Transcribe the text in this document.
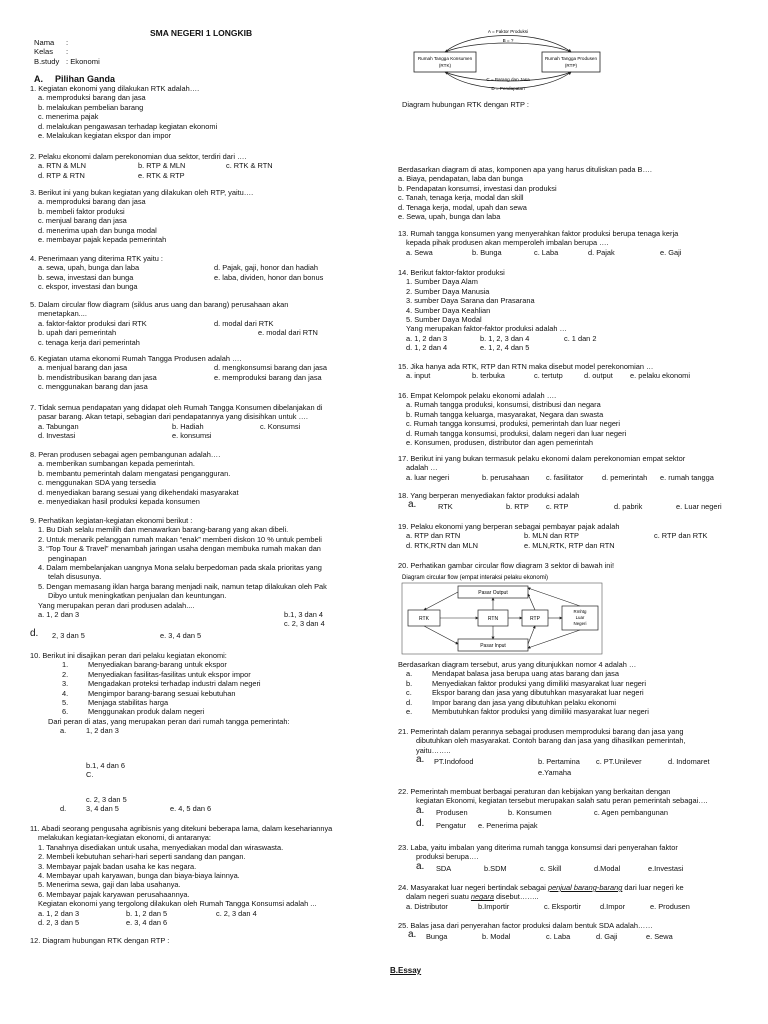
SMA NEGERI 1 LONGKIB
Nama :
Kelas :
B.study : Ekonomi
A. Pilihan Ganda
1. Kegiatan ekonomi yang dilakukan RTK adalah….
a. memproduksi barang dan jasa
b. melakukan pembelian barang
c. menerima pajak
d. melakukan pengawasan terhadap kegiatan ekonomi
e. Melakukan kegiatan ekspor dan impor
2. Pelaku ekonomi dalam perekonomian dua sektor, terdiri dari ….
a. RTN & MLN	b. RTP & MLN	c. RTK & RTN
d. RTP & RTN	e. RTK & RTP
3. Berikut ini yang bukan kegiatan yang dilakukan oleh RTP, yaitu….
a. memproduksi barang dan jasa
b. membeli faktor produksi
c. menjual barang dan jasa
d. menerima upah dan bunga modal
e. membayar pajak kepada pemerintah
4. Penerimaan yang diterima RTK yaitu :
a. sewa, upah, bunga dan laba	d. Pajak, gaji, honor dan hadiah
b. sewa, investasi dan bunga	e. laba, dividen, honor dan bonus
c. ekspor, investasi dan bunga
5. Dalam circular flow diagram (siklus arus uang dan barang) perusahaan akan
menetapkan....
a. faktor-faktor produksi dari RTK	d. modal dari RTK
b. upah dari pemerintah	e. modal dari RTN
c. tenaga kerja dari pemerintah
6. Kegiatan utama ekonomi Rumah Tangga Produsen adalah ….
a. menjual barang dan jasa	d. mengkonsumsi barang dan jasa
b. mendistribusikan barang dan jasa	e. memproduksi barang dan jasa
c. menggunakan barang dan jasa
7. Tidak semua pendapatan yang didapat oleh Rumah Tangga Konsumen dibelanjakan di
pasar barang. Akan tetapi, sebagian dari pendapatannya yang disisihkan untuk ….
a. Tabungan	b. Hadiah	c. Konsumsi
d. Investasi	e. konsumsi
8. Peran produsen sebagai agen pembangunan adalah….
a. memberikan sumbangan kepada pemerintah.
b. membantu pemerintah dalam mengatasi pengangguran.
c. menggunakan SDA yang tersedia
d. menyediakan barang sesuai yang dikehendaki masyarakat
e. menyediakan hasil produksi kepada konsumen
9. Perhatikan kegiatan-kegiatan ekonomi berikut :
1. Bu Diah selalu memilih dan menawarkan barang-barang yang akan dibeli.
2. Untuk menarik pelanggan rumah makan “enak” memberi diskon 10 % untuk pembeli
3. “Top Tour & Travel” menambah jaringan usaha dengan membuka rumah makan dan
penginapan
4. Dalam membelanjakan uangnya Mona selalu berpedoman pada skala prioritas yang
telah disusunya.
5. Dengan memasang iklan harga barang menjadi naik, namun tetap dilakukan oleh Pak
Dibyo untuk meningkatkan penjualan dan keuntungan.
Yang merupakan peran dari produsen adalah....
a. 1, 2 dan 3	b.1, 3 dan 4
c. 2, 3 dan 4
d. 2, 3 dan 5	e. 3, 4 dan 5
10. Berikut ini disajikan peran dari pelaku kegiatan ekonomi:
1.	Menyediakan barang-barang untuk ekspor
2.	Menyediakan fasilitas-fasilitas untuk ekspor impor
3.	Mengadakan proteksi terhadap industri dalam negeri
4.	Mengimpor barang-barang sesuai kebutuhan
5.	Menjaga stabilitas harga
6.	Menggunakan produk dalam negeri
Dari peran di atas, yang merupakan peran dari rumah tangga pemerintah:
a.	1, 2 dan 3
b.1, 4 dan 6
C.
c. 2, 3 dan 5
d.	3, 4 dan 5	e. 4, 5 dan 6
11. Abadi seorang pengusaha agribisnis yang ditekuni beberapa lama, dalam kesehariannya
melakukan kegiatan-kegiatan ekonomi, di antaranya:
1. Tanahnya disediakan untuk usaha, menyediakan modal dan wiraswasta.
2. Membeli kebutuhan sehari-hari seperti sandang dan pangan.
3. Membayar pajak badan usaha ke kas negara.
4. Membayar upah karyawan, bunga dan biaya-biaya lainnya.
5. Menerima sewa, gaji dan laba usahanya.
6. Membayar pajak karyawan perusahaannya.
Kegiatan ekonomi yang tergolong dilakukan oleh Rumah Tangga Konsumsi adalah ...
a. 1, 2 dan 3	b. 1, 2 dan 5	c. 2, 3 dan 4
d. 2, 3 dan 5	e. 3, 4 dan 6
12. Diagram hubungan RTK dengan RTP :
Rumah Tangga Konsumen
(RTK)
Rumah Tangga Produsen
(RTP)
A = Faktor Produksi
B = ?
C = Barang dan Jasa
D = Pendapatan
Diagram hubungan RTK dengan RTP :
Berdasarkan diagram di atas, komponen apa yang harus dituliskan pada B….
a. Biaya, pendapatan, laba dan bunga
b. Pendapatan konsumsi, investasi dan produksi
c. Tanah, tenaga kerja, modal dan skill
d. Tenaga kerja, modal, upah dan sewa
e. Sewa, upah, bunga dan laba
13. Rumah tangga konsumen yang menyerahkan faktor produksi berupa tenaga kerja
kepada pihak produsen akan memperoleh imbalan berupa ….
a. Sewa	b. Bunga	c. Laba	d. Pajak	e. Gaji
14. Berikut faktor-faktor produksi
1. Sumber Daya Alam
2. Sumber Daya Manusia
3. sumber Daya Sarana dan Prasarana
4. Sumber Daya Keahlian
5. Sumber Daya Modal
Yang merupakan faktor-faktor produksi adalah …
a. 1, 2 dan 3	b. 1, 2, 3 dan 4	c. 1 dan 2
d. 1, 2 dan 4	e. 1, 2, 4 dan 5
15. Jika hanya ada RTK, RTP dan RTN maka disebut model perekonomian …
a. input	b. terbuka	c. tertutp	d. output e. pelaku ekonomi
16. Empat Kelompok pelaku ekonomi adalah ….
a. Rumah tangga produksi, konsumsi, distribusi dan negara
b. Rumah tangga keluarga, masyarakat, Negara dan swasta
c. Rumah tangga konsumsi, produksi, pemerintah dan luar negeri
d. Rumah tangga konsumsi, produksi, dalam negeri dan luar negeri
e. Konsumen, produsen, distributor dan agen pemerintah
17. Berikut ini yang bukan termasuk pelaku ekonomi dalam perekonomian empat sektor
adalah …
a. luar negeri	b. perusahaan c. fasilitator	d. pemerintah e. rumah tangga
18. Yang berperan menyediakan faktor produksi adalah
a.	RTK	b. RTP c. RTP	d. pabrik	e. Luar negeri
19. Pelaku ekonomi yang berperan sebagai pembayar pajak adalah
a. RTP dan RTN	b. MLN dan RTP	c. RTP dan RTK
d. RTK,RTN dan MLN	e. MLN,RTK, RTP dan RTN
20. Perhatikan gambar circular flow diagram 3 sektor di bawah ini!
Diagram circular flow (empat interaksi pelaku ekonomi)
Pasar Output
Pasar Input
RTK	RTN	RTP
Rmhtg
Luar
Negeri
Berdasarkan diagram tersebut, arus yang ditunjukkan nomor 4 adalah …
a.	Mendapat balasa jasa berupa uang atas barang dan jasa
b.	Menyediakan faktor produksi yang dimiliki masyarakat luar negeri
c.	Ekspor barang dan jasa yang dibutuhkan masyarakat luar negeri
d.	Impor barang dan jasa yang dibutuhkan pelaku ekonomi
e.	Membutuhkan faktor produksi yang dimiliki masyarakat luar negeri
21. Pemerintah dalam perannya sebagai produsen memproduksi barang dan jasa yang
dibutuhkan oleh masyarakat. Contoh barang dan jasa yang dihasilkan pemerintah,
yaitu……..
a. PT.Indofood	b. Pertamina c. PT.Unilever	d. Indomaret
e.Yamaha
22. Pemerintah membuat berbagai peraturan dan kebijakan yang berkaitan dengan
kegiatan Ekonomi, kegiatan tersebut merupakan salah satu peran pemerintah sebagai….
a. Produsen	b. Konsumen	c. Agen pembangunan
d. Pengatur e. Penerima pajak
23. Laba, yaitu imbalan yang diterima rumah tangga konsumsi dari penyerahan faktor
produksi berupa….
a. SDA	b.SDM	c. Skill	d.Modal	e.Investasi
24. Masyarakat luar negeri bertindak sebagai penjual barang-barang dari luar negeri ke
dalam negeri suatu negara disebut……..
a. Distributor	b.Importir	c. Eksportir	d.Impor	e. Produsen
25. Balas jasa dari penyerahan factor produksi dalam bentuk SDA adalah……
a. Bunga	b. Modal	c. Laba	d. Gaji	e. Sewa
B.Essay
